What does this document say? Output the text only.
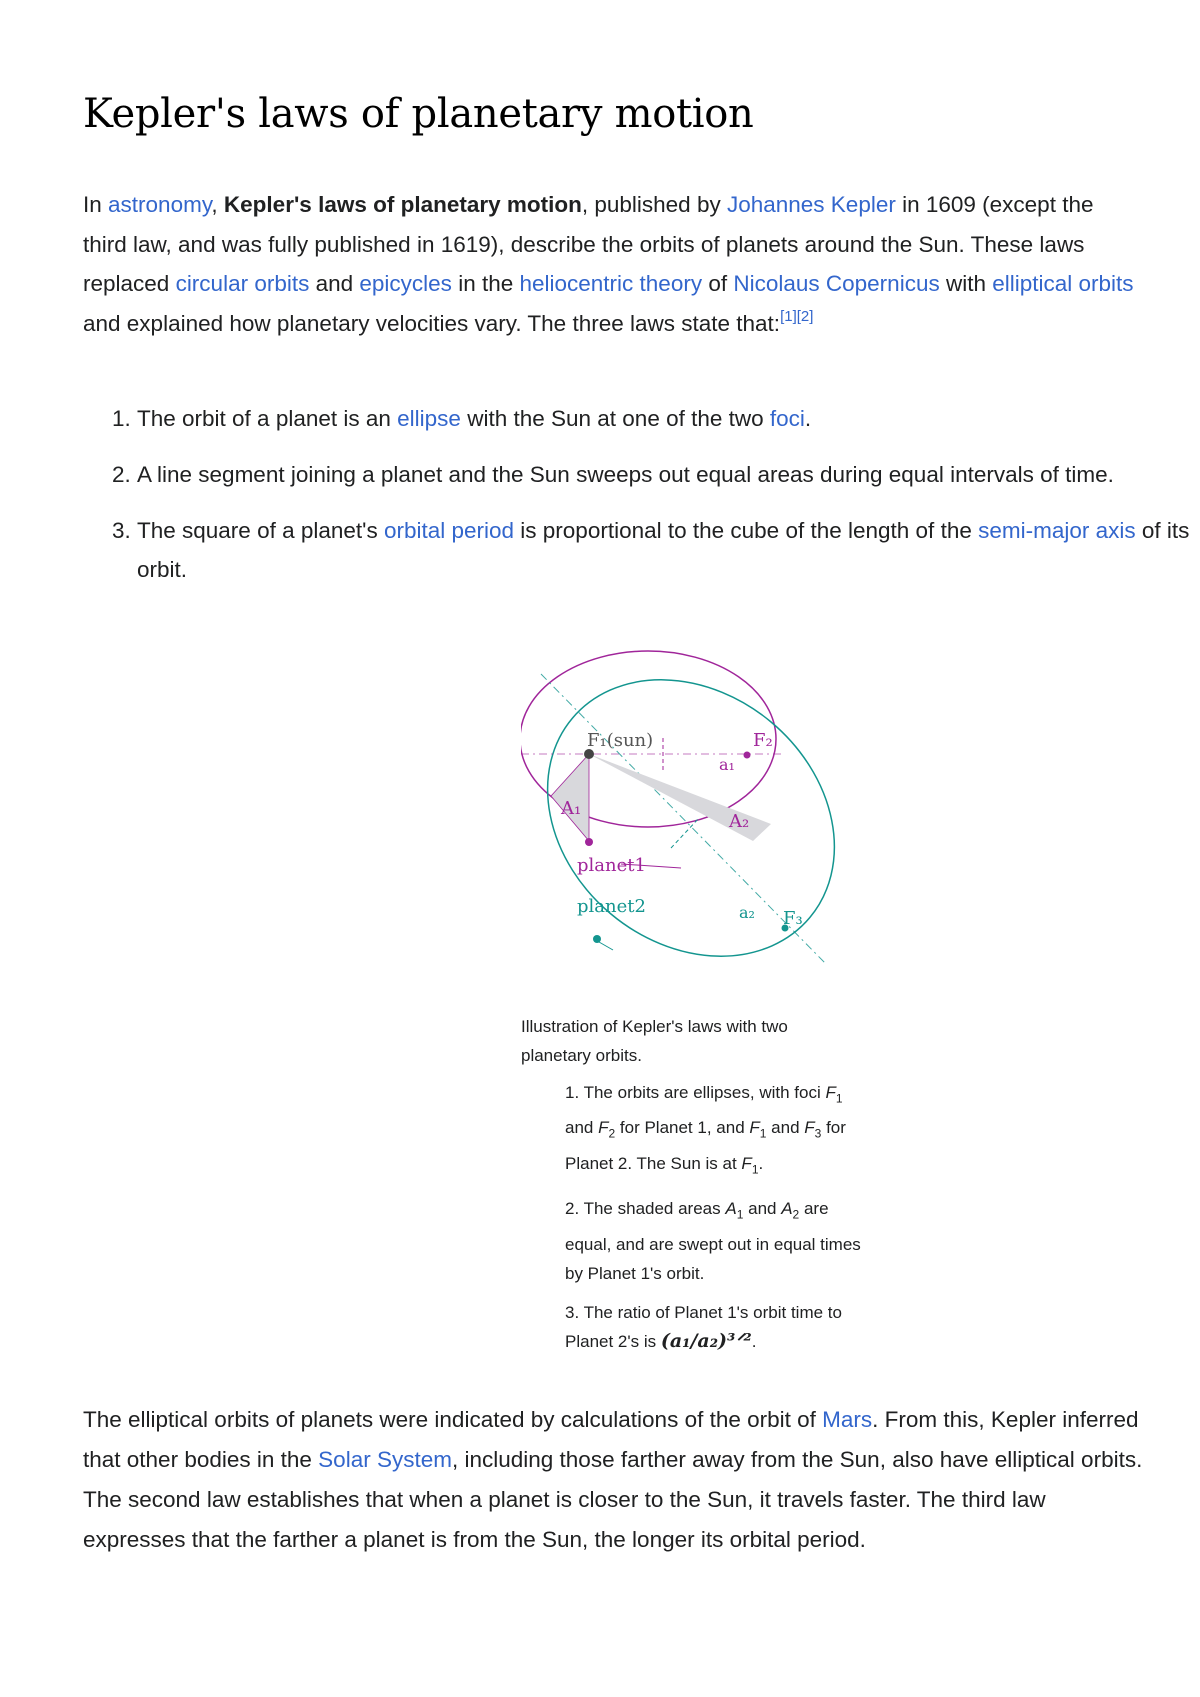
Kepler's laws of planetary motion

In astronomy, Kepler's laws of planetary motion, published by Johannes Kepler in 1609 (except the third law, and was fully published in 1619), describe the orbits of planets around the Sun. These laws replaced circular orbits and epicycles in the heliocentric theory of Nicolaus Copernicus with elliptical orbits and explained how planetary velocities vary. The three laws state that:[1][2]

1. The orbit of a planet is an ellipse with the Sun at one of the two foci.
2. A line segment joining a planet and the Sun sweeps out equal areas during equal intervals of time.
3. The square of a planet's orbital period is proportional to the cube of the length of the semi-major axis of its orbit.
F₁(sun)	F₂
a₁
A₁
A₂
planet1
planet2	a₂ F₃
Illustration of Kepler's laws with two planetary orbits.
1. The orbits are ellipses, with foci $F_1$ and $F_2$ for Planet 1, and $F_1$ and $F_3$ for Planet 2. The Sun is at $F_1$.
2. The shaded areas $A_1$ and $A_2$ are equal, and are swept out in equal times by Planet 1's orbit.
3. The ratio of Planet 1's orbit time to Planet 2's is (a₁/a₂)³ᐟ².

The elliptical orbits of planets were indicated by calculations of the orbit of Mars. From this, Kepler inferred that other bodies in the Solar System, including those farther away from the Sun, also have elliptical orbits. The second law establishes that when a planet is closer to the Sun, it travels faster. The third law expresses that the farther a planet is from the Sun, the longer its orbital period.
